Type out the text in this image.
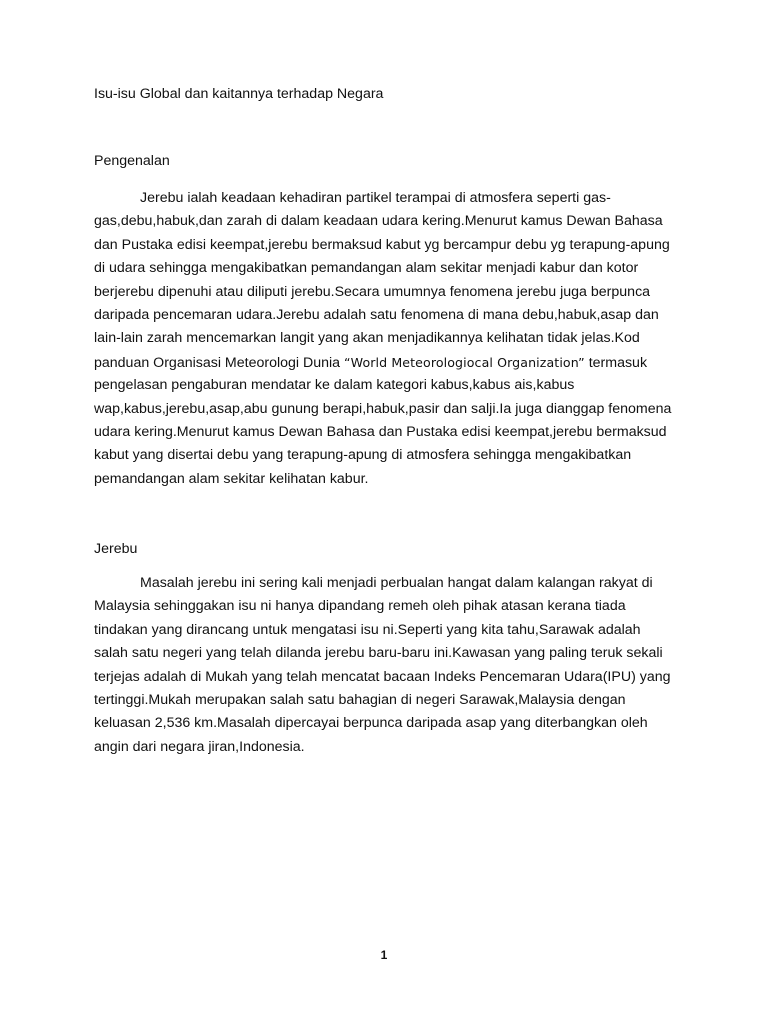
Isu-isu Global dan kaitannya terhadap Negara

Pengenalan

Jerebu ialah keadaan kehadiran partikel terampai di atmosfera seperti gas-
gas,debu,habuk,dan zarah di dalam keadaan udara kering.Menurut kamus Dewan Bahasa
dan Pustaka edisi keempat,jerebu bermaksud kabut yg bercampur debu yg terapung-apung
di udara sehingga mengakibatkan pemandangan alam sekitar menjadi kabur dan kotor
berjerebu dipenuhi atau diliputi jerebu.Secara umumnya fenomena jerebu juga berpunca
daripada pencemaran udara.Jerebu adalah satu fenomena di mana debu,habuk,asap dan
lain-lain zarah mencemarkan langit yang akan menjadikannya kelihatan tidak jelas.Kod
panduan Organisasi Meteorologi Dunia “World Meteorologiocal Organization” termasuk
pengelasan pengaburan mendatar ke dalam kategori kabus,kabus ais,kabus
wap,kabus,jerebu,asap,abu gunung berapi,habuk,pasir dan salji.Ia juga dianggap fenomena
udara kering.Menurut kamus Dewan Bahasa dan Pustaka edisi keempat,jerebu bermaksud
kabut yang disertai debu yang terapung-apung di atmosfera sehingga mengakibatkan
pemandangan alam sekitar kelihatan kabur.

Jerebu

Masalah jerebu ini sering kali menjadi perbualan hangat dalam kalangan rakyat di
Malaysia sehinggakan isu ni hanya dipandang remeh oleh pihak atasan kerana tiada
tindakan yang dirancang untuk mengatasi isu ni.Seperti yang kita tahu,Sarawak adalah
salah satu negeri yang telah dilanda jerebu baru-baru ini.Kawasan yang paling teruk sekali
terjejas adalah di Mukah yang telah mencatat bacaan Indeks Pencemaran Udara(IPU) yang
tertinggi.Mukah merupakan salah satu bahagian di negeri Sarawak,Malaysia dengan
keluasan 2,536 km.Masalah dipercayai berpunca daripada asap yang diterbangkan oleh
angin dari negara jiran,Indonesia.
1
